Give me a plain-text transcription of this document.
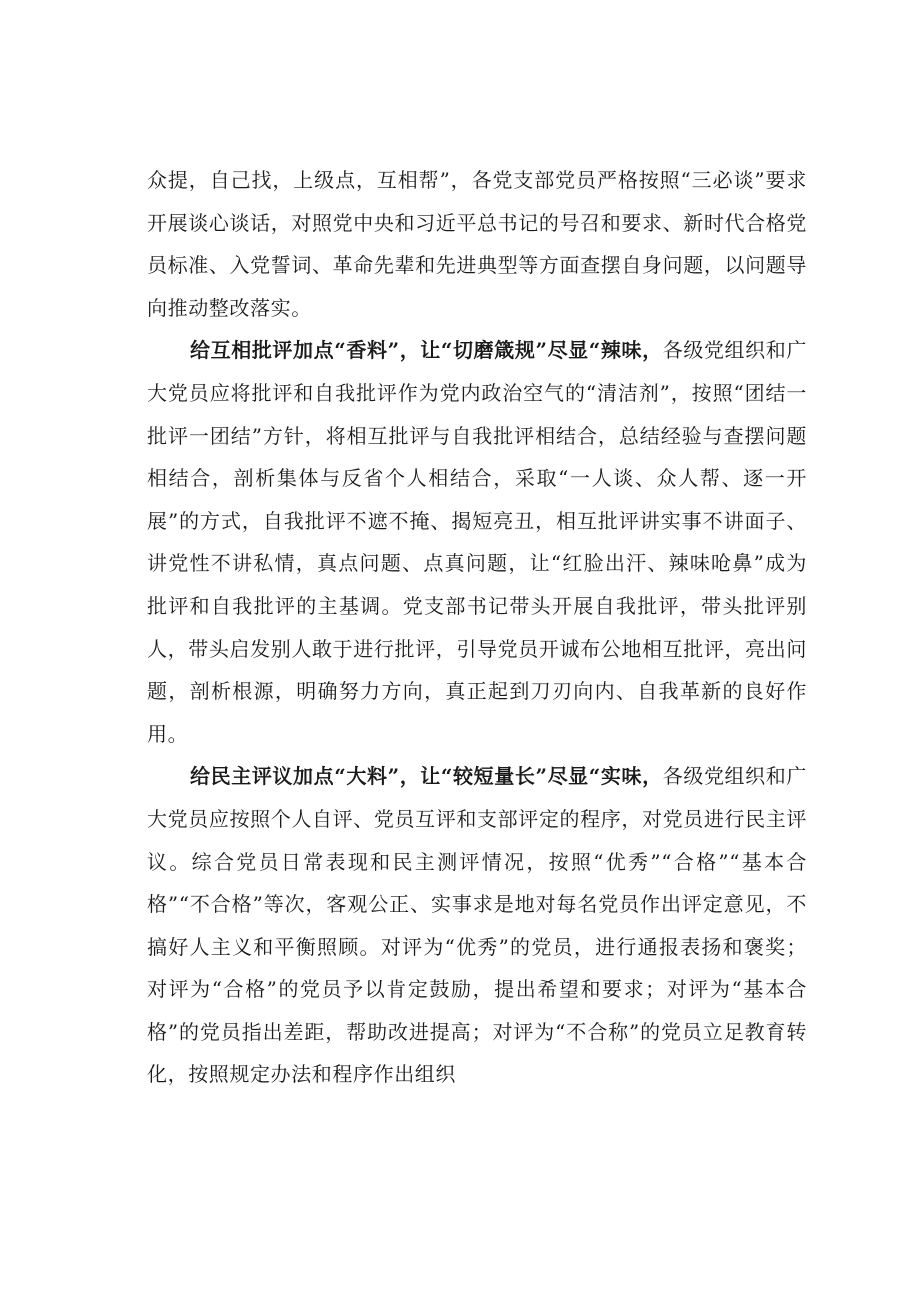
众提，自己找，上级点，互相帮”，各党支部党员严格按照“三必谈”要求开展谈心谈话，对照党中央和习近平总书记的号召和要求、新时代合格党员标准、入党誓词、革命先辈和先进典型等方面查摆自身问题，以问题导向推动整改落实。

给互相批评加点“香料”，让“切磨箴规”尽显“辣味，各级党组织和广大党员应将批评和自我批评作为党内政治空气的“清洁剂”，按照“团结一批评一团结”方针，将相互批评与自我批评相结合，总结经验与查摆问题相结合，剖析集体与反省个人相结合，采取“一人谈、众人帮、逐一开展”的方式，自我批评不遮不掩、揭短亮丑，相互批评讲实事不讲面子、讲党性不讲私情，真点问题、点真问题，让“红脸出汗、辣味呛鼻”成为批评和自我批评的主基调。党支部书记带头开展自我批评，带头批评别人，带头启发别人敢于进行批评，引导党员开诚布公地相互批评，亮出问题，剖析根源，明确努力方向，真正起到刀刃向内、自我革新的良好作用。

给民主评议加点“大料”，让“较短量长”尽显“实味，各级党组织和广大党员应按照个人自评、党员互评和支部评定的程序，对党员进行民主评议。综合党员日常表现和民主测评情况，按照“优秀”“合格”“基本合格”“不合格”等次，客观公正、实事求是地对每名党员作出评定意见，不搞好人主义和平衡照顾。对评为“优秀”的党员，进行通报表扬和褒奖；对评为“合格”的党员予以肯定鼓励，提出希望和要求；对评为“基本合格”的党员指出差距，帮助改进提高；对评为“不合称”的党员立足教育转化，按照规定办法和程序作出组织
